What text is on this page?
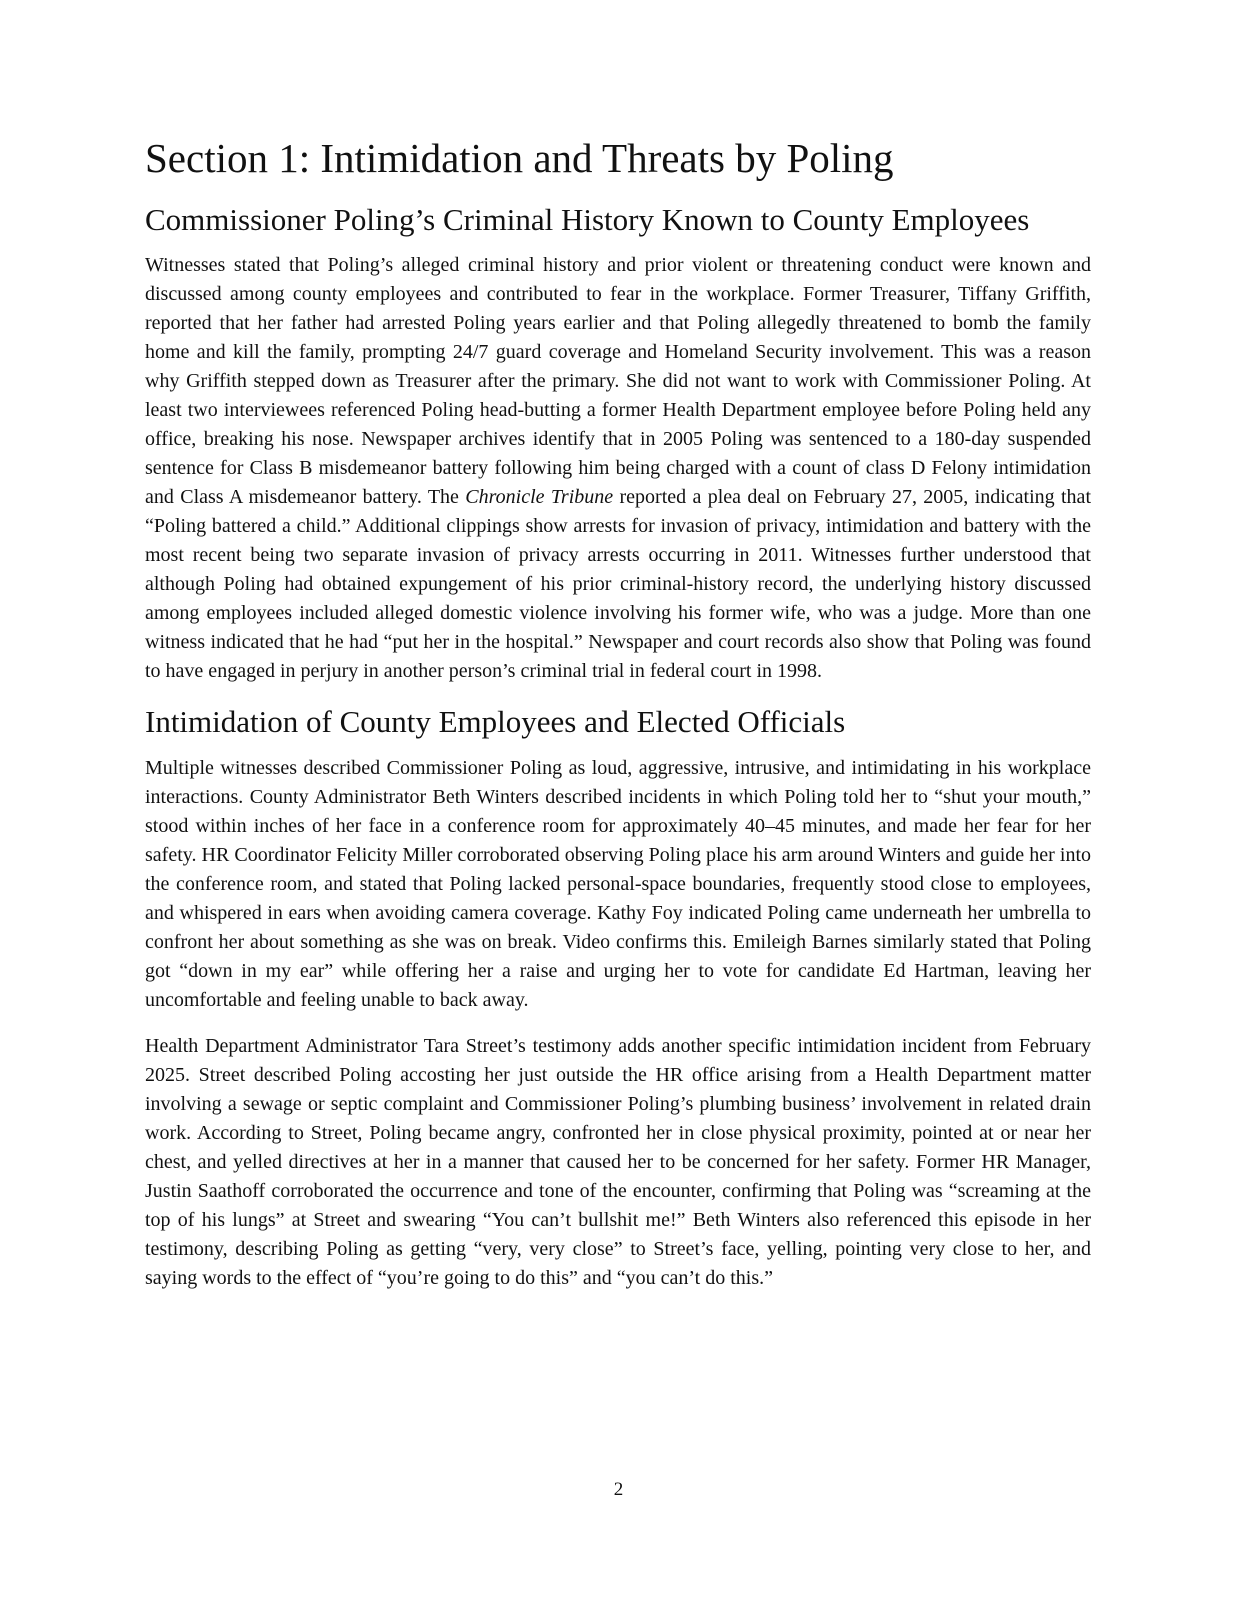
Section 1: Intimidation and Threats by Poling
Commissioner Poling’s Criminal History Known to County Employees

Witnesses stated that Poling’s alleged criminal history and prior violent or threatening conduct were known and discussed among county employees and contributed to fear in the workplace. Former Treasurer, Tiffany Griffith, reported that her father had arrested Poling years earlier and that Poling allegedly threatened to bomb the family home and kill the family, prompting 24/7 guard coverage and Homeland Security involvement. This was a reason why Griffith stepped down as Treasurer after the primary. She did not want to work with Commissioner Poling. At least two interviewees referenced Poling head-butting a former Health Department employee before Poling held any office, breaking his nose. Newspaper archives identify that in 2005 Poling was sentenced to a 180-day suspended sentence for Class B misdemeanor battery following him being charged with a count of class D Felony intimidation and Class A misdemeanor battery. The Chronicle Tribune reported a plea deal on February 27, 2005, indicating that “Poling battered a child.” Additional clippings show arrests for invasion of privacy, intimidation and battery with the most recent being two separate invasion of privacy arrests occurring in 2011. Witnesses further understood that although Poling had obtained expungement of his prior criminal-history record, the underlying history discussed among employees included alleged domestic violence involving his former wife, who was a judge. More than one witness indicated that he had “put her in the hospital.” Newspaper and court records also show that Poling was found to have engaged in perjury in another person’s criminal trial in federal court in 1998.

Intimidation of County Employees and Elected Officials

Multiple witnesses described Commissioner Poling as loud, aggressive, intrusive, and intimidating in his workplace interactions. County Administrator Beth Winters described incidents in which Poling told her to “shut your mouth,” stood within inches of her face in a conference room for approximately 40–45 minutes, and made her fear for her safety. HR Coordinator Felicity Miller corroborated observing Poling place his arm around Winters and guide her into the conference room, and stated that Poling lacked personal-space boundaries, frequently stood close to employees, and whispered in ears when avoiding camera coverage. Kathy Foy indicated Poling came underneath her umbrella to confront her about something as she was on break. Video confirms this. Emileigh Barnes similarly stated that Poling got “down in my ear” while offering her a raise and urging her to vote for candidate Ed Hartman, leaving her uncomfortable and feeling unable to back away.

Health Department Administrator Tara Street’s testimony adds another specific intimidation incident from February 2025. Street described Poling accosting her just outside the HR office arising from a Health Department matter involving a sewage or septic complaint and Commissioner Poling’s plumbing business’ involvement in related drain work. According to Street, Poling became angry, confronted her in close physical proximity, pointed at or near her chest, and yelled directives at her in a manner that caused her to be concerned for her safety. Former HR Manager, Justin Saathoff corroborated the occurrence and tone of the encounter, confirming that Poling was “screaming at the top of his lungs” at Street and swearing “You can’t bullshit me!” Beth Winters also referenced this episode in her testimony, describing Poling as getting “very, very close” to Street’s face, yelling, pointing very close to her, and saying words to the effect of “you’re going to do this” and “you can’t do this.”

2
